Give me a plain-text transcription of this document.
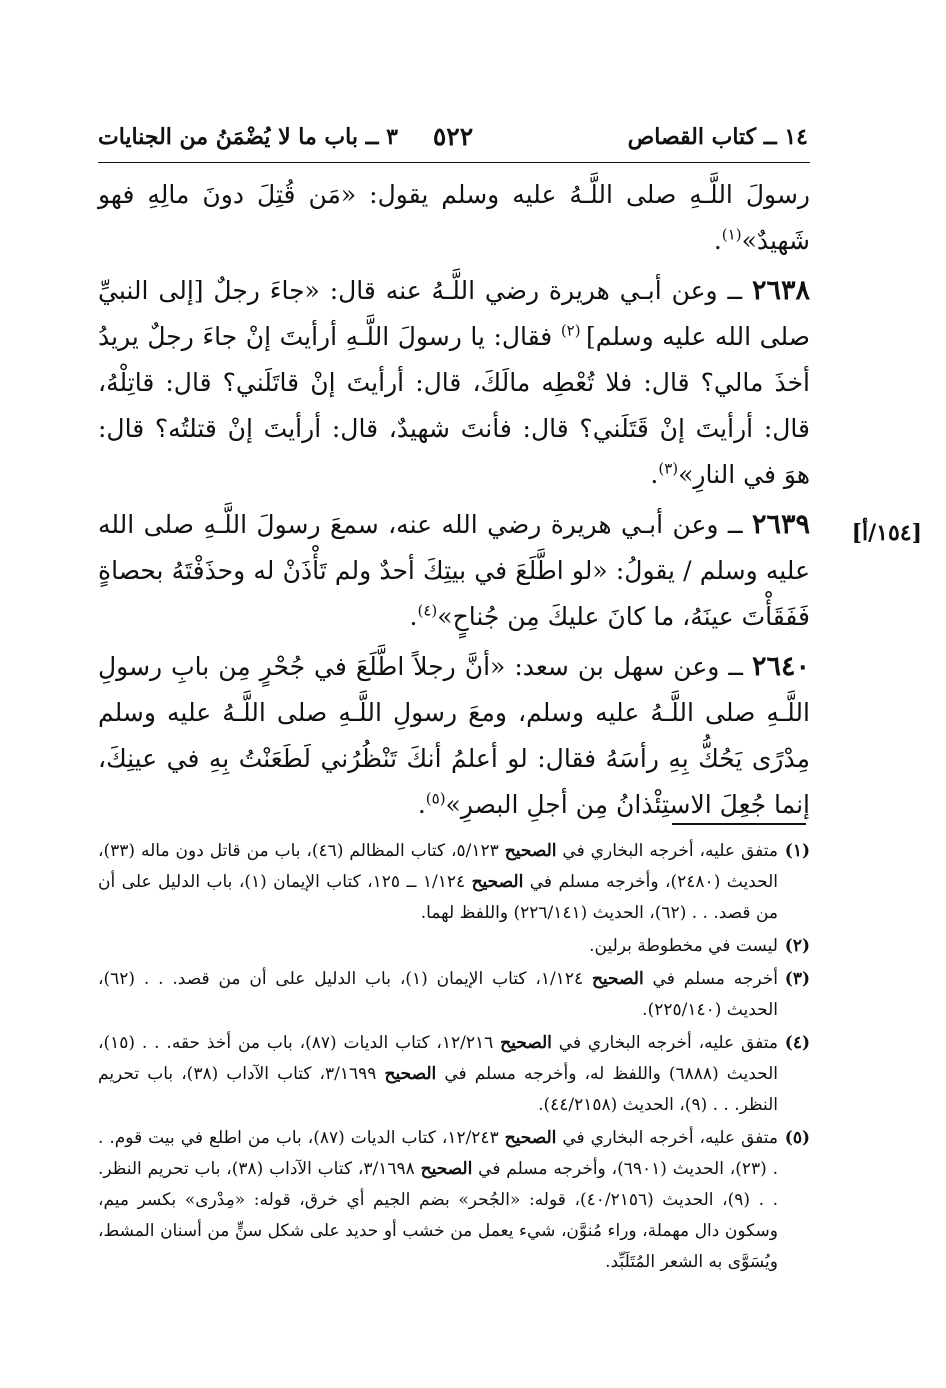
١٤ ــ كتاب القصاص
٥٢٢
٣ ــ باب ما لا يُضْمَنُ من الجنايات

رسولَ اللَّـهِ صلى اللَّـهُ عليه وسلم يقول: «مَن قُتِلَ دونَ مالِهِ فهو شَهيدٌ»$^{(١)}$.

٢٦٣٨ ــ وعن أبـي هريرة رضي اللَّـهُ عنه قال: «جاءَ رجلٌ [إلى النبيِّ صلى الله عليه وسلم] $^{(٢)}$ فقال: يا رسولَ اللَّـهِ أرأيتَ إنْ جاءَ رجلٌ يريدُ أخذَ مالي؟ قال: فلا تُعْطِه مالَكَ، قال: أرأيتَ إنْ قاتَلَني؟ قال: قاتِلْهُ، قال: أرأيتَ إنْ قَتَلَني؟ قال: فأنتَ شهيدٌ، قال: أرأيتَ إنْ قتلتُه؟ قال: هوَ في النارِ»$^{(٣)}$.

٢٦٣٩ ــ وعن أبـي هريرة رضي الله عنه، سمعَ رسولَ اللَّـهِ صلى الله عليه وسلم / يقولُ: «لو اطَّلَعَ في بيتِكَ أحدٌ ولم تَأْذَنْ له وحذَفْتَهُ بحصاةٍ فَفَقَأْتَ عينَهُ، ما كانَ عليكَ مِن جُناحٍ»$^{(٤)}$.

٢٦٤٠ ــ وعن سهل بن سعد: «أنَّ رجلاً اطَّلَعَ في جُحْرٍ مِن بابِ رسولِ اللَّـهِ صلى اللَّـهُ عليه وسلم، ومعَ رسولِ اللَّـهِ صلى اللَّـهُ عليه وسلم مِدْرًى يَحُكُّ بِهِ رأسَهُ فقال: لو أعلمُ أنكَ تَنْظُرُني لَطَعَنْتُ بِهِ في عينِكَ، إنما جُعِلَ الاستِئْذانُ مِن أجلِ البصرِ»$^{(٥)}$.

[١٥٤/أ]
(١)
متفق عليه، أخرجه البخاري في الصحيح ٥/١٢٣، كتاب المظالم (٤٦)، باب من قاتل دون ماله (٣٣)، الحديث (٢٤٨٠)، وأخرجه مسلم في الصحيح ١/١٢٤ ــ ١٢٥، كتاب الإيمان (١)، باب الدليل على أن من قصد. . . (٦٢)، الحديث (٢٢٦/١٤١) واللفظ لهما.
(٢)
ليست في مخطوطة برلين.
(٣)
أخرجه مسلم في الصحيح ١/١٢٤، كتاب الإيمان (١)، باب الدليل على أن من قصد. . . (٦٢)، الحديث (٢٢٥/١٤٠).
(٤)
متفق عليه، أخرجه البخاري في الصحيح ١٢/٢١٦، كتاب الديات (٨٧)، باب من أخذ حقه. . . (١٥)، الحديث (٦٨٨٨) واللفظ له، وأخرجه مسلم في الصحيح ٣/١٦٩٩، كتاب الآداب (٣٨)، باب تحريم النظر. . . (٩)، الحديث (٤٤/٢١٥٨).
(٥)
متفق عليه، أخرجه البخاري في الصحيح ١٢/٢٤٣، كتاب الديات (٨٧)، باب من اطلع في بيت قوم. . . (٢٣)، الحديث (٦٩٠١)، وأخرجه مسلم في الصحيح ٣/١٦٩٨، كتاب الآداب (٣٨)، باب تحريم النظر. . . (٩)، الحديث (٤٠/٢١٥٦)، قوله: «الجُحر» بضم الجيم أي خرق، قوله: «مِدْرى» بكسر ميم، وسكون دال مهملة، وراء مُنوَّن، شيء يعمل من خشب أو حديد على شكل سنٍّ من أسنان المشط، ويُسَوَّى به الشعر المُتَلَبِّد.
